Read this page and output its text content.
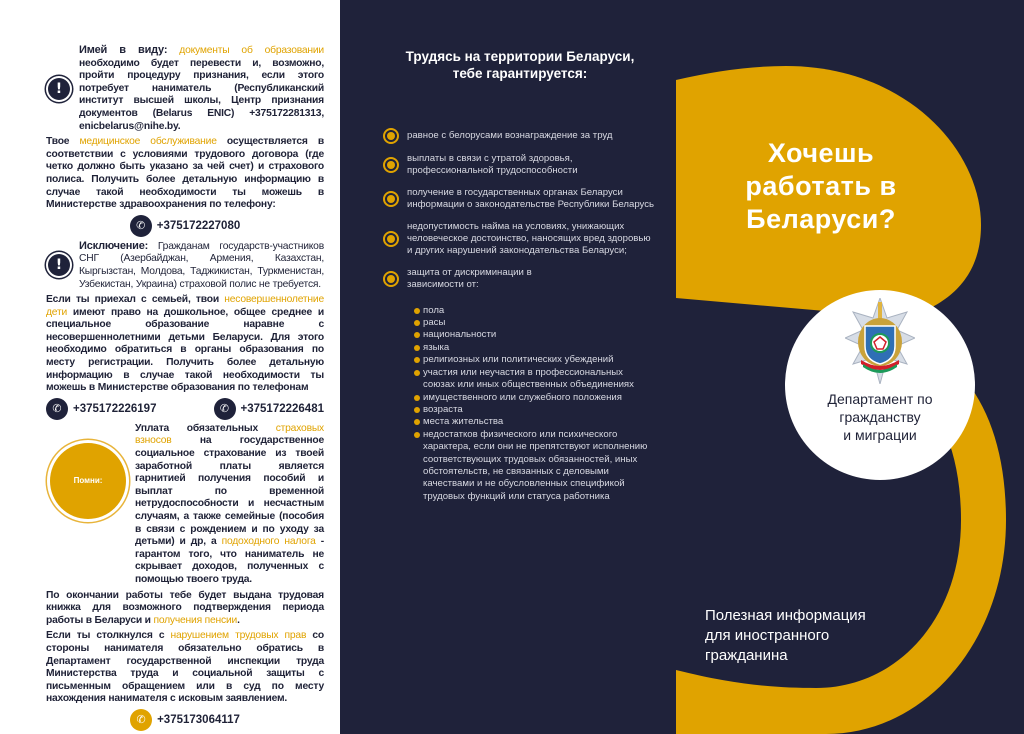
!
Имей в виду: документы об образовании необходимо будет перевести и, возможно, пройти процедуру признания, если этого потребует наниматель (Республиканский институт высшей школы, Центр признания документов (Belarus ENIC) +375172281313, enicbelarus@nihe.by.
Твое медицинское обслуживание осуществляется в соответствии с условиями трудового договора (где четко должно быть указано за чей счет) и страхового полиса. Получить более детальную информацию в случае такой необходимости ты можешь в Министерстве здравоохранения по телефону:
✆ +375172227080
!
Исключение: Гражданам государств-участников СНГ (Азербайджан, Армения, Казахстан, Кыргызстан, Молдова, Таджикистан, Туркменистан, Узбекистан, Украина) страховой полис не требуется.
Если ты приехал с семьей, твои несовершеннолетние дети имеют право на дошкольное, общее среднее и специальное образование наравне с несовершеннолетними детьми Беларуси. Для этого необходимо обратиться в органы образования по месту регистрации. Получить более детальную информацию в случае такой необходимости ты можешь в Министерстве образования по телефонам
✆ +375172226197	✆ +375172226481
Помни:
Уплата обязательных страховых взносов	на государственное социальное страхование из твоей заработной платы является гарнитией получения пособий и выплат по временной нетрудоспособности и несчастным случаям, а также семейные (пособия в связи с рождением и по уходу за детьми) и др, а подоходного налога - гарантом того, что наниматель не скрывает доходов, полученных с помощью твоего труда.
По окончании работы тебе будет выдана трудовая книжка для возможного подтверждения периода работы в Беларуси и получения пенсии.
Если ты столкнулся с нарушением трудовых прав со стороны нанимателя обязательно обратись в Департамент государственной инспекции труда Министерства труда и социальной защиты с письменным обращением или в суд по месту нахождения нанимателя с исковым заявлением.
✆ +375173064117
Трудясь на территории Беларуси,
тебе гарантируется:
равное с белорусами вознаграждение за труд
выплаты в связи с утратой здоровья, профессиональной трудоспособности
получение в государственных органах Беларуси информации о законодательстве Республики Беларусь
недопустимость найма на условиях, унижающих человеческое достоинство, наносящих вред здоровью и других нарушений законодательства Беларуси;
защита от дискриминации в зависимости от:
пола
расы
национальности
языка
религиозных или политических убеждений
участия или неучастия в профессиональных союзах или иных общественных объединениях
имущественного или служебного положения
возраста
места жительства
недостатков физического или психического характера, если они не препятствуют исполнению соответствующих трудовых обязанностей, иных обстоятельств, не связанных с деловыми качествами и не обусловленных спецификой трудовых функций или статуса работника
Хочешь
работать в
Беларуси?
Департамент по
гражданству
и миграции
Полезная информация
для иностранного
гражданина
